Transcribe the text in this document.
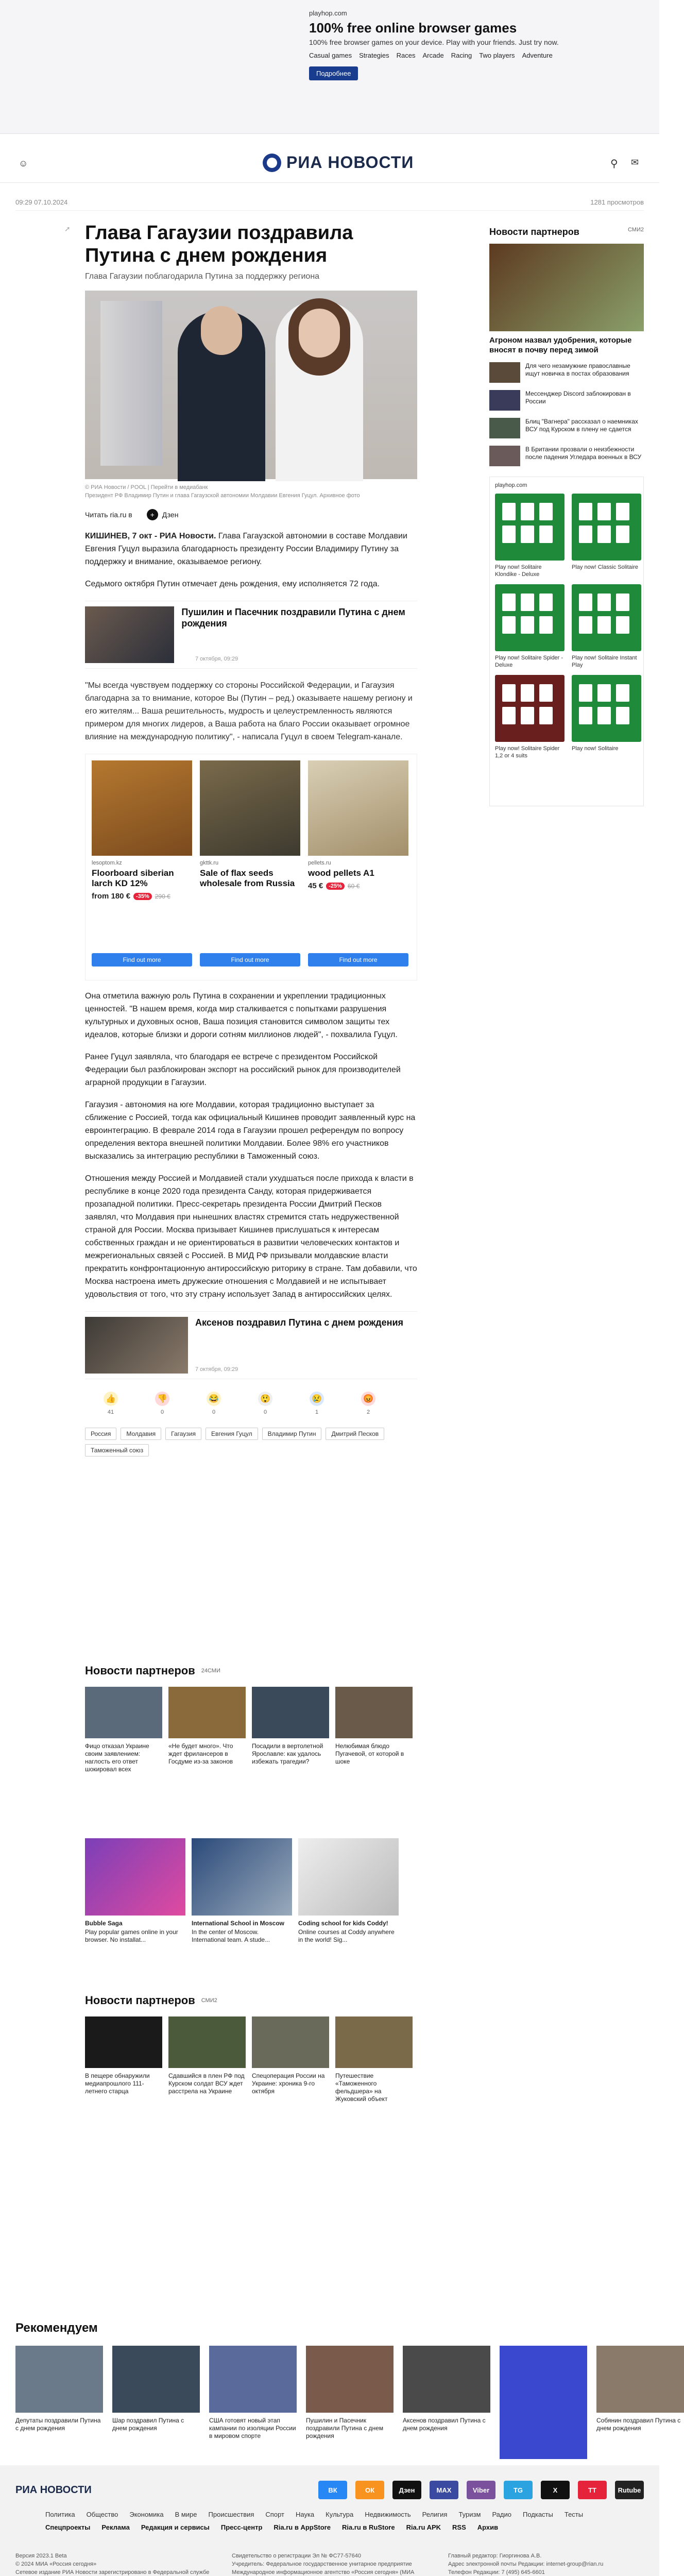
playhop.com
100% free online browser games
100% free browser games on your device. Play with your friends. Just try now.
Casual games Strategies Races Arcade Racing Two players Adventure
Подробнее
☺	РИА НОВОСТИ	⚲ ✉
09:29 07.10.2024	1281 просмотров
➚ Глава Гагаузии поздравила Путина с днем рождения
Глава Гагаузии поблагодарила Путина за поддержку региона
© РИА Новости / POOL | Перейти в медиабанк
Президент РФ Владимир Путин и глава Гагаузской автономии Молдавии Евгения Гуцул. Архивное фото
Читать ria.ru в	+	Дзен

КИШИНЕВ, 7 окт - РИА Новости. Глава Гагаузской автономии в составе Молдавии Евгения Гуцул выразила благодарность президенту России Владимиру Путину за поддержку и внимание, оказываемое региону.

Седьмого октября Путин отмечает день рождения, ему исполняется 72 года.

Пушилин и Пасечник поздравили Путина с днем рождения
7 октября, 09:29

"Мы всегда чувствуем поддержку со стороны Российской Федерации, и Гагаузия благодарна за то внимание, которое Вы (Путин – ред.) оказываете нашему региону и его жителям... Ваша решительность, мудрость и целеустремленность являются примером для многих лидеров, а Ваша работа на благо России оказывает огромное влияние на международную политику", - написала Гуцул в своем Telegram-канале.

lesoptom.kz
Floorboard siberian larch KD 12%
from 180 €	-35% 290 €
Find out more
gkttk.ru
Sale of flax seeds wholesale from Russia
Find out more
pellets.ru
wood pellets A1
45 €	-25% 60 €
Find out more

Она отметила важную роль Путина в сохранении и укреплении традиционных ценностей. "В нашем время, когда мир сталкивается с попытками разрушения культурных и духовных основ, Ваша позиция становится символом защиты тех идеалов, которые близки и дороги сотням миллионов людей", - похвалила Гуцул.

Ранее Гуцул заявляла, что благодаря ее встрече с президентом Российской Федерации был разблокирован экспорт на российский рынок для производителей аграрной продукции в Гагаузии.

Гагаузия - автономия на юге Молдавии, которая традиционно выступает за сближение с Россией, тогда как официальный Кишинев проводит заявленный курс на евроинтеграцию. В феврале 2014 года в Гагаузии прошел референдум по вопросу определения вектора внешней политики Молдавии. Более 98% его участников высказались за интеграцию республики в Таможенный союз.

Отношения между Россией и Молдавией стали ухудшаться после прихода к власти в республике в конце 2020 года президента Санду, которая придерживается прозападной политики. Пресс-секретарь президента России Дмитрий Песков заявлял, что Молдавия при нынешних властях стремится стать недружественной страной для России. Москва призывает Кишинев прислушаться к интересам собственных граждан и не ориентироваться в развитии человеческих контактов и межрегиональных связей с Россией. В МИД РФ призывали молдавские власти прекратить конфронтационную антироссийскую риторику в стране. Там добавили, что Москва настроена иметь дружеские отношения с Молдавией и не испытывает удовольствия от того, что эту страну использует Запад в антироссийских целях.

Аксенов поздравил Путина с днем рождения
7 октября, 09:29
👍
41
👎
0
😂
0
😲
0
😢
1
😡
2
Россия	Молдавия	Гагаузия	Евгения Гуцул	Владимир Путин	Дмитрий Песков
Таможенный союз
Новости партнеров 24СМИ
Фицо отказал Украине своим заявлением: наглость его ответ шокировал всех
«Не будет много». Что ждет фрилансеров в Госдуме из-за законов
Посадили в вертолетной Ярославле: как удалось избежать трагедии?
Нелюбимая блюдо Пугачевой, от которой в шоке
Bubble Saga
Play popular games online in your browser. No installat...
International School in Moscow
In the center of Moscow. International team. A stude...
Coding school for kids Coddy!
Online courses at Coddy anywhere in the world! Sig...
Новости партнеров СМИ2
В пещере обнаружили медиапрошлого 111-летнего старца
Сдавшийся в плен РФ под Курском солдат ВСУ ждет расстрела на Украине
Спецоперация России на Украине: хроника 9-го октября
Путешествие «Таможенного фельдшера» на Жуковский объект
Новости партнеров	СМИ2
Агроном назвал удобрения, которые вносят в почву перед зимой
Для чего незамужние православные ищут новичка в постах образования
Мессенджер Discord заблокирован в России
Блиц "Вагнера" рассказал о наемниках ВСУ под Курском в плену не сдается
В Британии прозвали о неизбежности после падения Угледара военных в ВСУ
playhop.com
Play now! Solitaire Klondike - Deluxe
Play now! Classic Solitaire
Play now! Solitaire Spider - Deluxe
Play now! Solitaire Instant Play
Play now! Solitaire Spider 1,2 or 4 suits
Play now! Solitaire
Рекомендуем
Депутаты поздравили Путина с днем рождения
Шар поздравил Путина с днем рождения
США готовят новый этап кампании по изоляции России в мировом спорте
Пушилин и Пасечник поздравили Путина с днем рождения
Аксенов поздравил Путина с днем рождения
Собянин поздравил Путина с днем рождения
РИА НОВОСТИ	ВК	ОК	Дзен	MAX	Viber	TG	X	ТТ	Rutube
Политика Общество Экономика В мире Происшествия Спорт Наука Культура Недвижимость Религия Туризм Радио Подкасты Тесты
Спецпроекты Реклама Редакция и сервисы Пресс-центр Ria.ru в AppStore Ria.ru в RuStore Ria.ru APK RSS Архив
Версия 2023.1 Beta
© 2024 МИА «Россия сегодня»
Сетевое издание РИА Новости зарегистрировано в Федеральной службе
Свидетельство о регистрации Эл № ФС77-57640
Учредитель: Федеральное государственное унитарное предприятие Международное информационное агентство «Россия сегодня» (МИА

Главный редактор: Гиоргинова А.В.
Адрес электронной почты Редакции: internet-group@rian.ru
Телефон Редакции: 7 (495) 645-6601
